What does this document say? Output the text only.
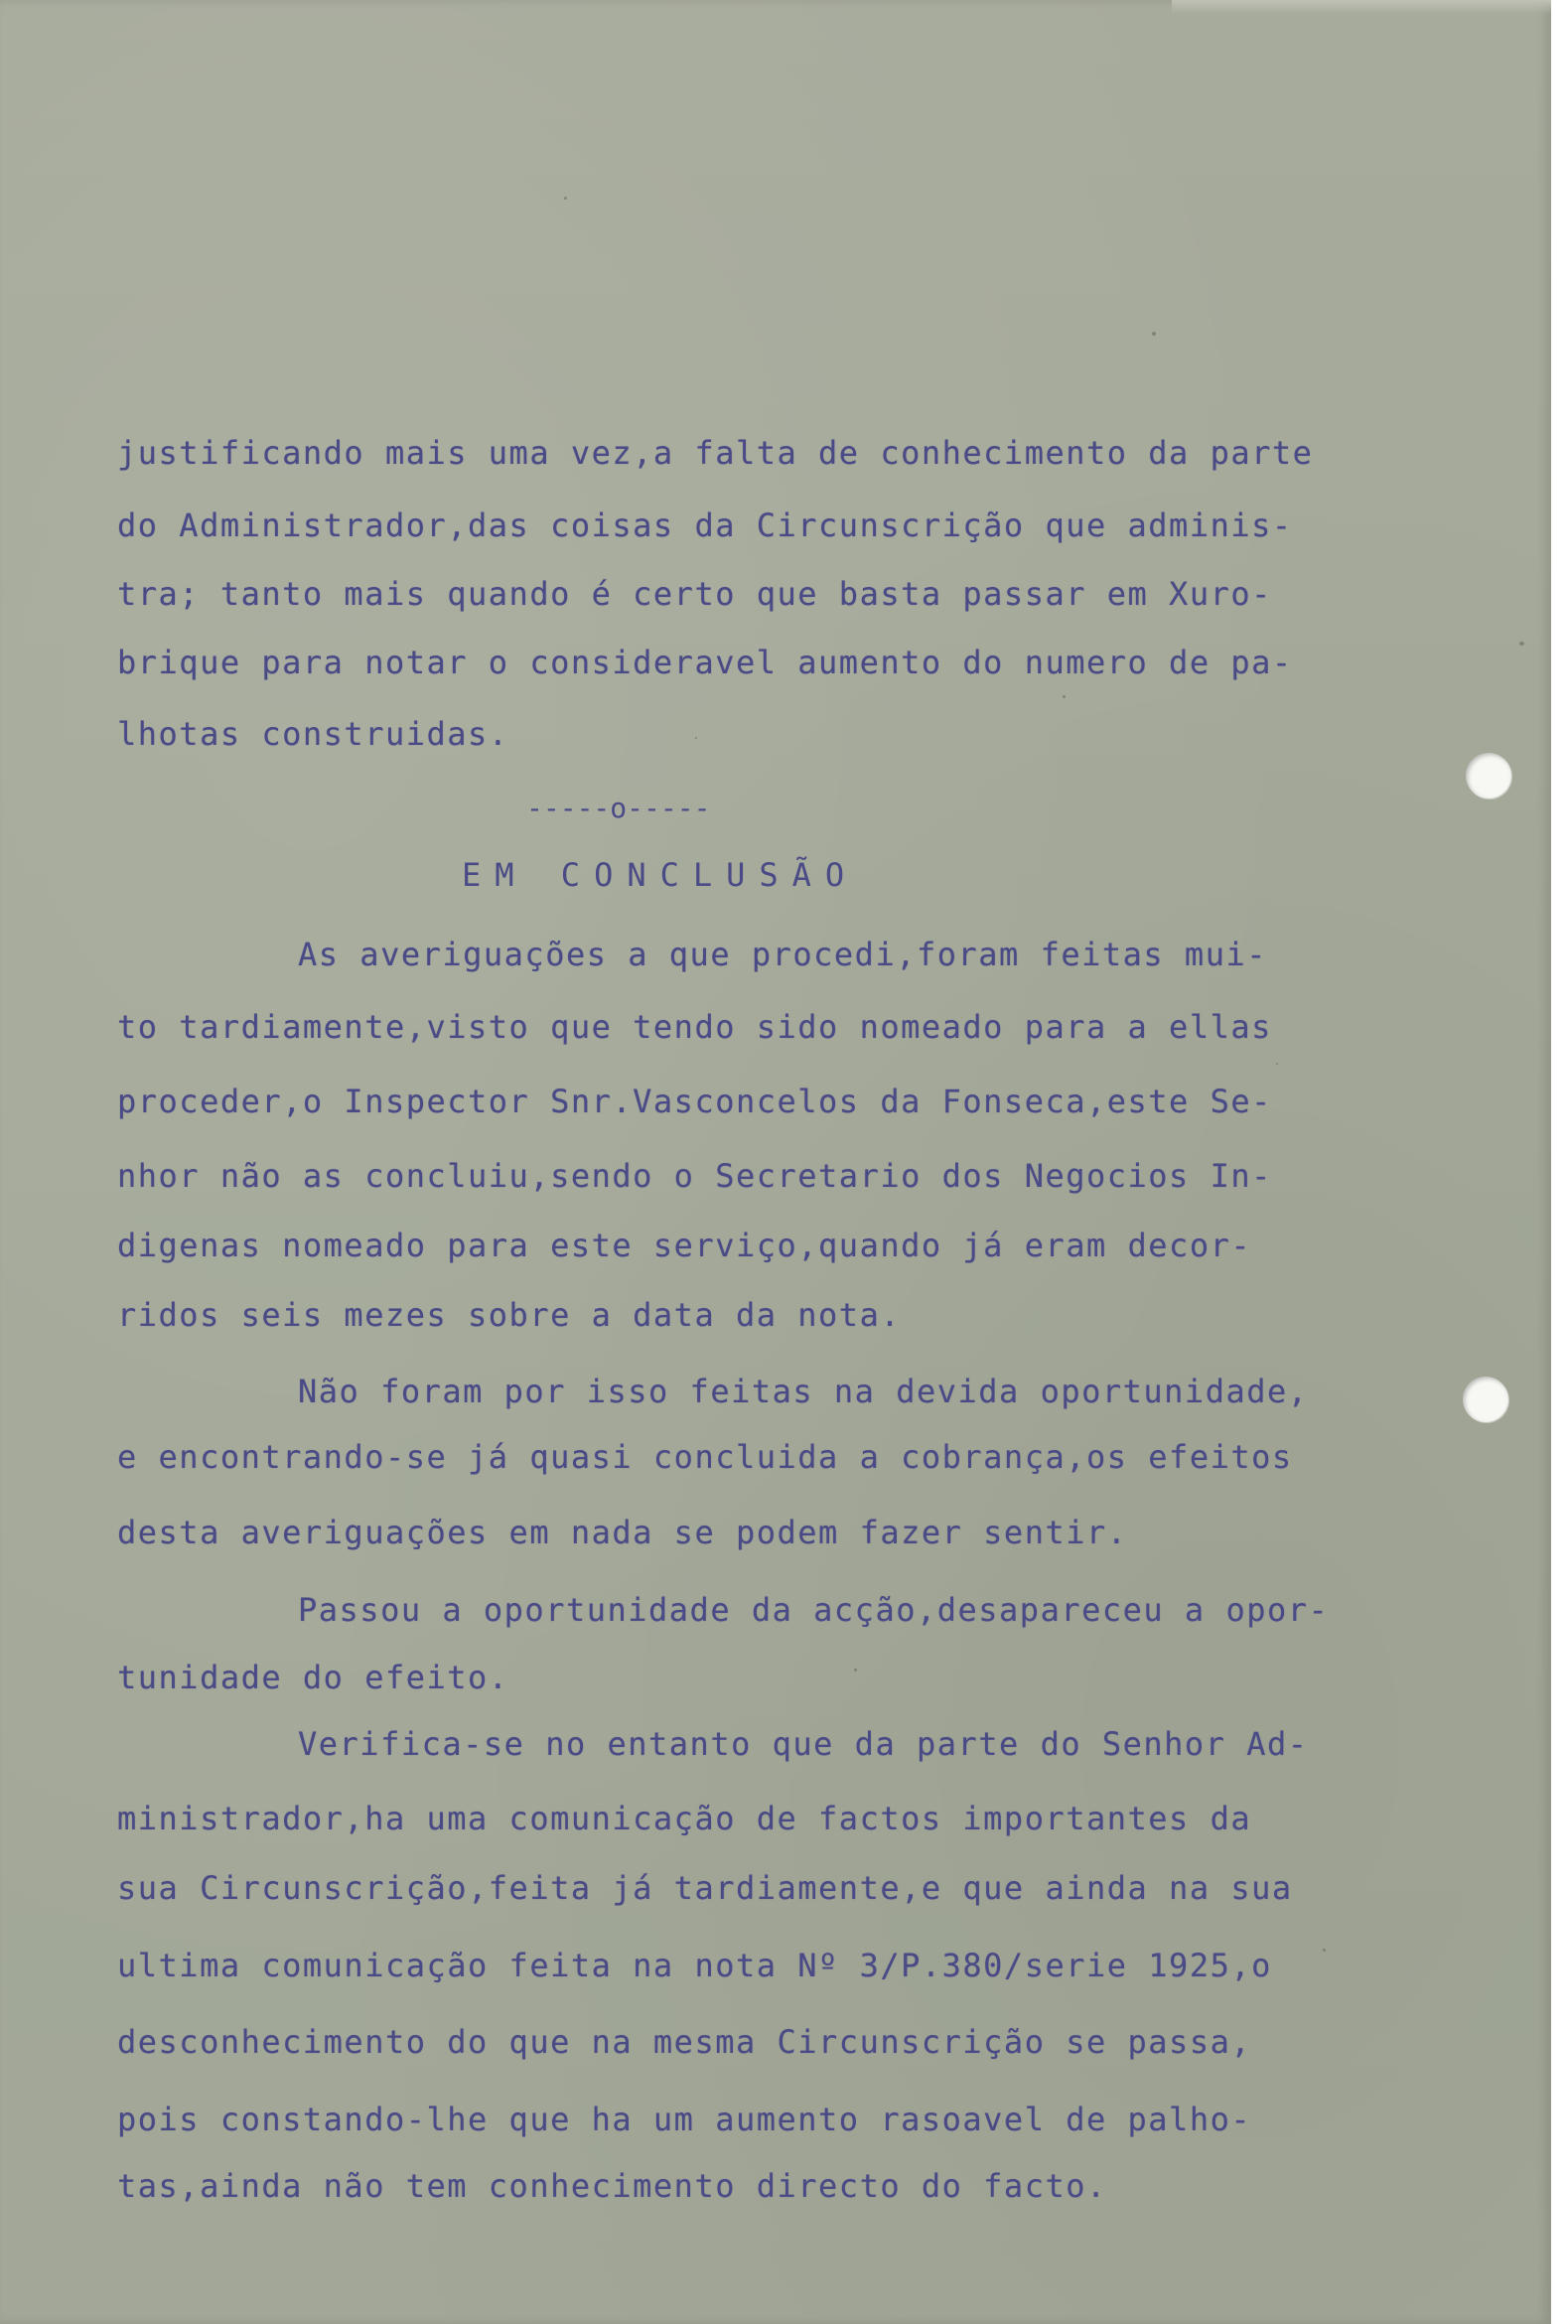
justificando mais uma vez,a falta de conhecimento da parte
do Administrador,das coisas da Circunscrição que adminis-
tra; tanto mais quando é certo que basta passar em Xuro-
brique para notar o consideravel aumento do numero de pa-
lhotas construidas.
-----o-----
EM CONCLUSÃO
As averiguações a que procedi,foram feitas mui-
to tardiamente,visto que tendo sido nomeado para a ellas
proceder,o Inspector Snr.Vasconcelos da Fonseca,este Se-
nhor não as concluiu,sendo o Secretario dos Negocios In-
digenas nomeado para este serviço,quando já eram decor-
ridos seis mezes sobre a data da nota.
Não foram por isso feitas na devida oportunidade,
e encontrando-se já quasi concluida a cobrança,os efeitos
desta averiguações em nada se podem fazer sentir.
Passou a oportunidade da acção,desapareceu a opor-
tunidade do efeito.
Verifica-se no entanto que da parte do Senhor Ad-
ministrador,ha uma comunicação de factos importantes da
sua Circunscrição,feita já tardiamente,e que ainda na sua
ultima comunicação feita na nota Nº 3/P.380/serie 1925,o
desconhecimento do que na mesma Circunscrição se passa,
pois constando-lhe que ha um aumento rasoavel de palho-
tas,ainda não tem conhecimento directo do facto.
